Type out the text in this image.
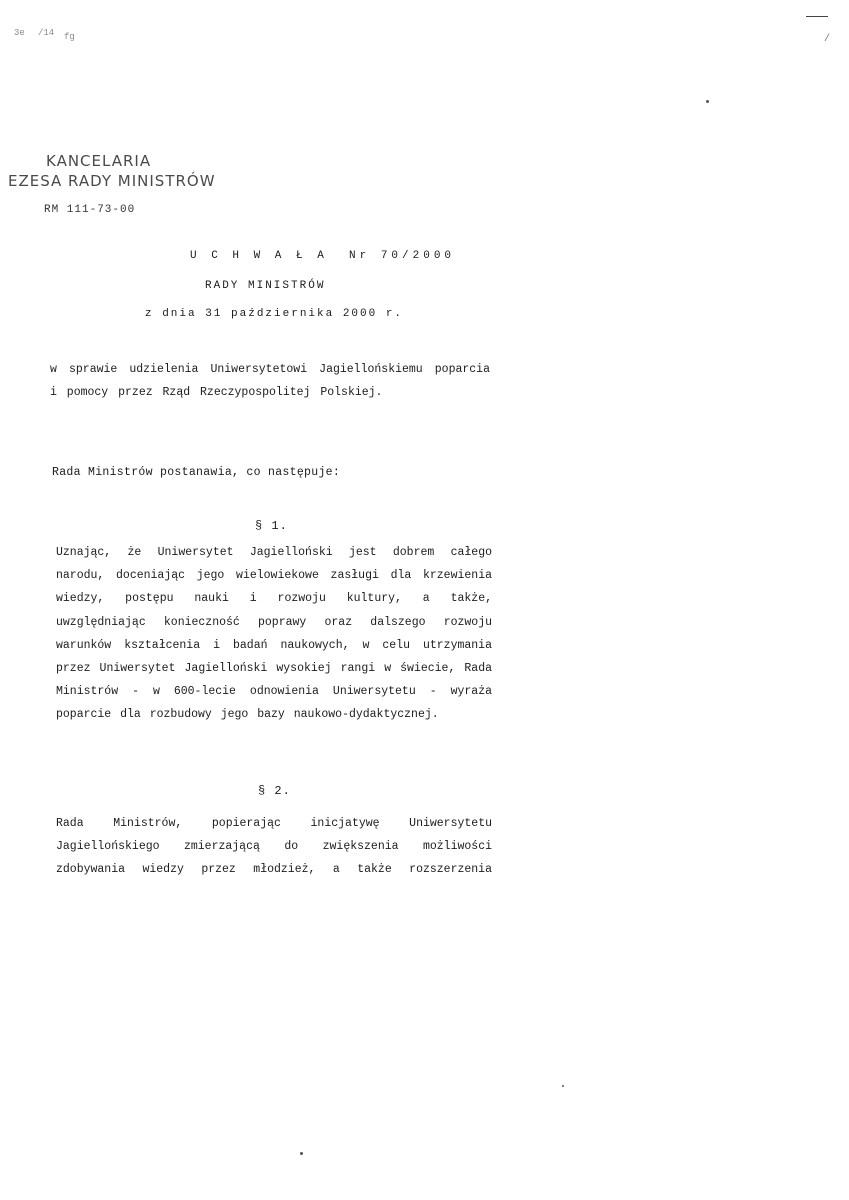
3e /14 fg	/
KANCELARIA
EZESA RADY MINISTRÓW
RM 111-73-00
U C H W A Ł A  Nr 70/2000
RADY MINISTRÓW
z dnia 31 października 2000 r.
w sprawie udzielenia Uniwersytetowi Jagiellońskiemu poparcia i pomocy przez Rząd Rzeczypospolitej Polskiej.
Rada Ministrów postanawia, co następuje:
§ 1.
Uznając, że Uniwersytet Jagielloński jest dobrem całego narodu, doceniając jego wielowiekowe zasługi dla krzewienia wiedzy, postępu nauki i rozwoju kultury, a także, uwzględniając konieczność poprawy oraz dalszego rozwoju warunków kształcenia i badań naukowych, w celu utrzymania przez Uniwersytet Jagielloński wysokiej rangi w świecie, Rada Ministrów - w 600-lecie odnowienia Uniwersytetu - wyraża poparcie dla rozbudowy jego bazy naukowo-dydaktycznej.
§ 2.
Rada Ministrów, popierając inicjatywę Uniwersytetu Jagiellońskiego zmierzającą do zwiększenia możliwości zdobywania wiedzy przez młodzież, a także rozszerzenia
